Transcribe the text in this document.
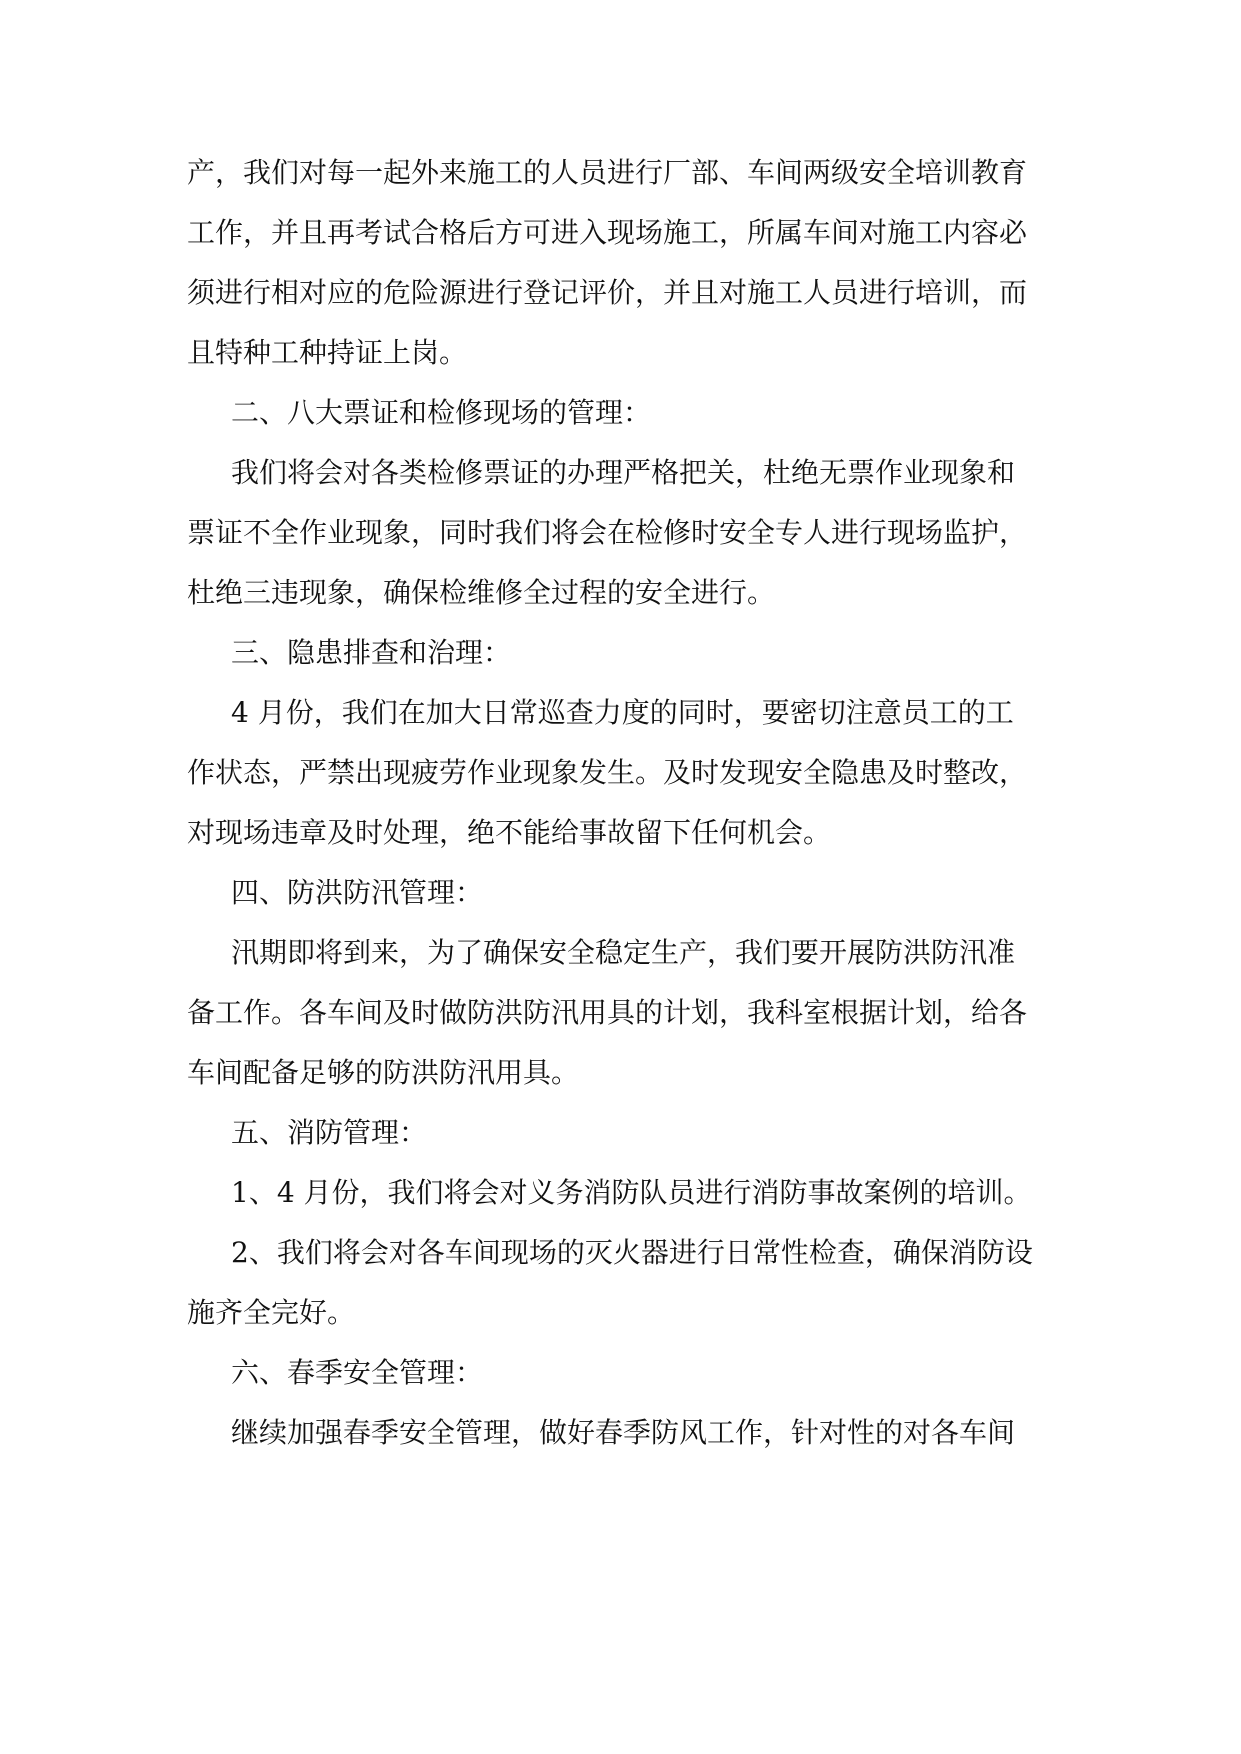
产，我们对每一起外来施工的人员进行厂部、车间两级安全培训教育
工作，并且再考试合格后方可进入现场施工，所属车间对施工内容必
须进行相对应的危险源进行登记评价，并且对施工人员进行培训，而
且特种工种持证上岗。
二、八大票证和检修现场的管理：
我们将会对各类检修票证的办理严格把关，杜绝无票作业现象和
票证不全作业现象，同时我们将会在检修时安全专人进行现场监护，
杜绝三违现象，确保检维修全过程的安全进行。
三、隐患排查和治理：
4 月份，我们在加大日常巡查力度的同时，要密切注意员工的工
作状态，严禁出现疲劳作业现象发生。及时发现安全隐患及时整改，
对现场违章及时处理，绝不能给事故留下任何机会。
四、防洪防汛管理：
汛期即将到来，为了确保安全稳定生产，我们要开展防洪防汛准
备工作。各车间及时做防洪防汛用具的计划，我科室根据计划，给各
车间配备足够的防洪防汛用具。
五、消防管理：
1、4 月份，我们将会对义务消防队员进行消防事故案例的培训。
2、我们将会对各车间现场的灭火器进行日常性检查，确保消防设
施齐全完好。
六、春季安全管理：
继续加强春季安全管理，做好春季防风工作，针对性的对各车间
